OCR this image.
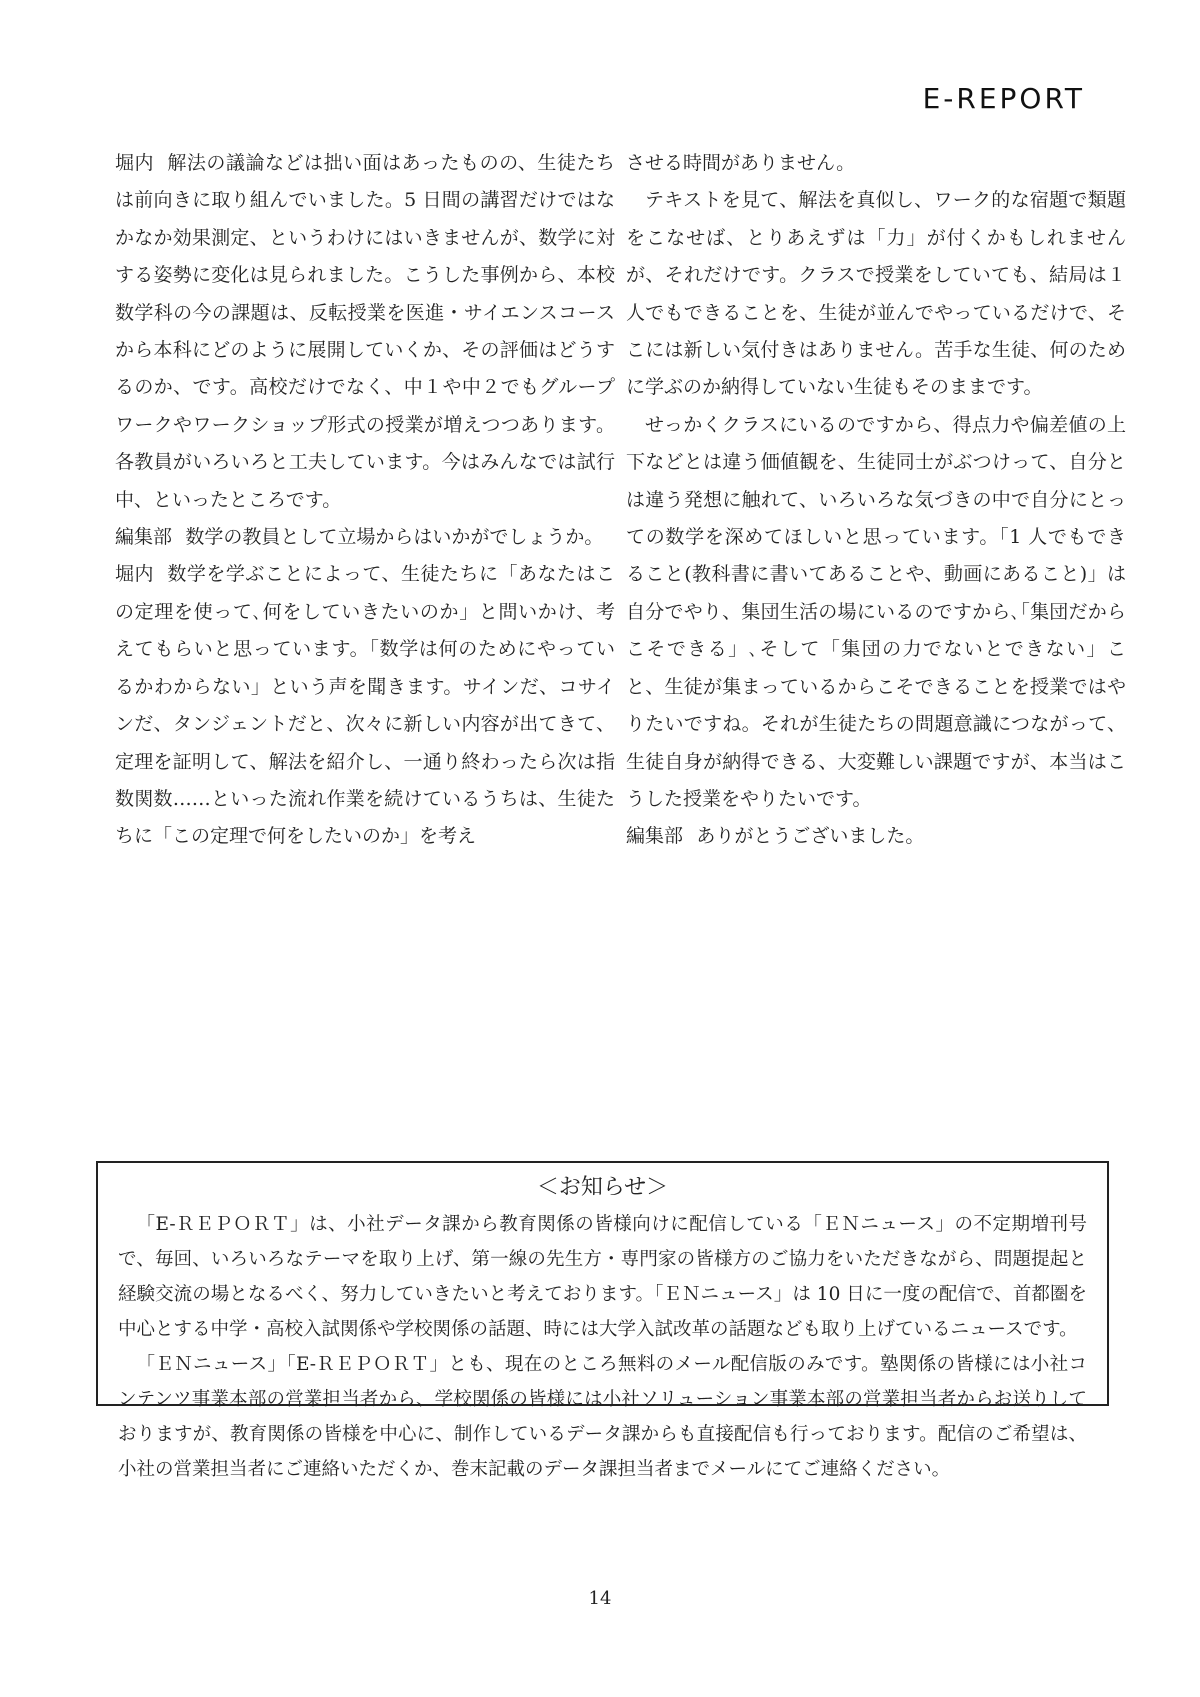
E-REPORT

堀内 解法の議論などは拙い面はあったものの、生徒たちは前向きに取り組んでいました。5 日間の講習だけではなかなか効果測定、というわけにはいきませんが、数学に対する姿勢に変化は見られました。こうした事例から、本校数学科の今の課題は、反転授業を医進・サイエンスコースから本科にどのように展開していくか、その評価はどうするのか、です。高校だけでなく、中１や中２でもグループワークやワークショップ形式の授業が増えつつあります。各教員がいろいろと工夫しています。今はみんなでは試行中、といったところです。

編集部 数学の教員として立場からはいかがでしょうか。

堀内 数学を学ぶことによって、生徒たちに「あなたはこの定理を使って､何をしていきたいのか」と問いかけ、考えてもらいと思っています。｢数学は何のためにやっているかわからない」という声を聞きます。サインだ、コサインだ、タンジェントだと、次々に新しい内容が出てきて、定理を証明して、解法を紹介し、一通り終わったら次は指数関数……といった流れ作業を続けているうちは、生徒たちに「この定理で何をしたいのか」を考え

させる時間がありません。

テキストを見て、解法を真似し、ワーク的な宿題で類題をこなせば、とりあえずは「力」が付くかもしれませんが、それだけです。クラスで授業をしていても、結局は１人でもできることを、生徒が並んでやっているだけで、そこには新しい気付きはありません。苦手な生徒、何のために学ぶのか納得していない生徒もそのままです。

せっかくクラスにいるのですから、得点力や偏差値の上下などとは違う価値観を、生徒同士がぶつけって、自分とは違う発想に触れて、いろいろな気づきの中で自分にとっての数学を深めてほしいと思っています。｢1 人でもできること(教科書に書いてあることや、動画にあること)」は自分でやり、集団生活の場にいるのですから､｢集団だからこそできる」､そして「集団の力でないとできない」こと、生徒が集まっているからこそできることを授業ではやりたいですね。それが生徒たちの問題意識につながって、生徒自身が納得できる、大変難しい課題ですが、本当はこうした授業をやりたいです。

編集部 ありがとうございました。

＜お知らせ＞

「E-ＲＥＰＯＲＴ」は、小社データ課から教育関係の皆様向けに配信している「ＥＮニュース」の不定期増刊号で、毎回、いろいろなテーマを取り上げ、第一線の先生方・専門家の皆様方のご協力をいただきながら、問題提起と経験交流の場となるべく、努力していきたいと考えております。「ＥＮニュース」は 10 日に一度の配信で、首都圏を中心とする中学・高校入試関係や学校関係の話題、時には大学入試改革の話題なども取り上げているニュースです。

「ＥＮニュース」「E-ＲＥＰＯＲＴ」とも、現在のところ無料のメール配信版のみです。塾関係の皆様には小社コンテンツ事業本部の営業担当者から、学校関係の皆様には小社ソリューション事業本部の営業担当者からお送りしておりますが、教育関係の皆様を中心に、制作しているデータ課からも直接配信も行っております。配信のご希望は、小社の営業担当者にご連絡いただくか、巻末記載のデータ課担当者までメールにてご連絡ください。

14
